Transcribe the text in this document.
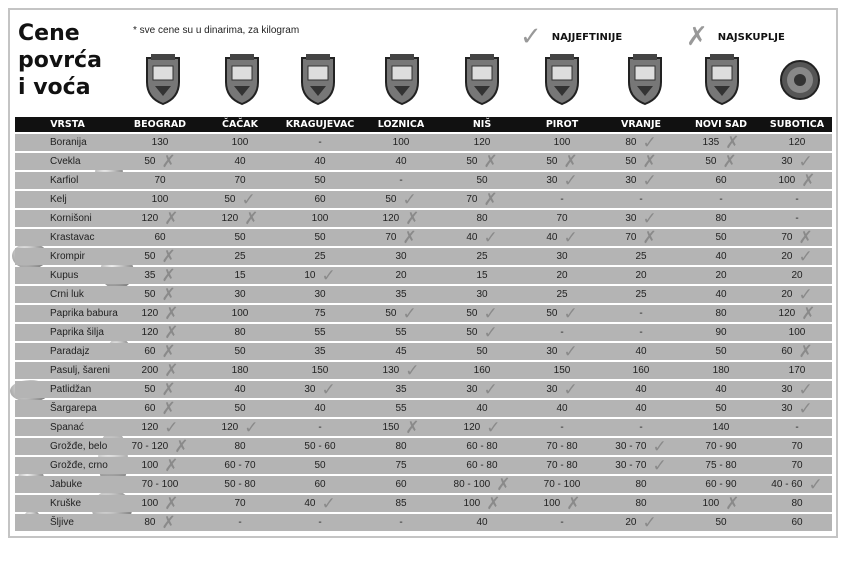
Cene
povrća
i voća
* sve cene su u dinarima, za kilogram	✓ NAJJEFTINIJE ✗ NAJSKUPLJE
VRSTA	BEOGRAD	ČAČAK	KRAGUJEVAC	LOZNICA	NIŠ	PIROT	VRANJE	NOVI SAD	SUBOTICA
Boranija	130	100	-	100	120	100	80 ✓	135 ✗	120
Cvekla	50 ✗	40	40	40	50 ✗	50 ✗	50 ✗	50 ✗	30 ✓
Karfiol	70	70	50	-	50	30 ✓	30 ✓	60	100 ✗
Kelj	100	50 ✓	60	50 ✓	70 ✗	-	-	-	-
Kornišoni	120 ✗	120 ✗	100	120 ✗	80	70	30 ✓	80	-
Krastavac	60	50	50	70 ✗	40 ✓	40 ✓	70 ✗	50	70 ✗
Krompir	50 ✗	25	25	30	25	30	25	40	20 ✓
Kupus	35 ✗	15	10 ✓	20	15	20	20	20	20
Crni luk	50 ✗	30	30	35	30	25	25	40	20 ✓
Paprika babura 120 ✗	100	75	50 ✓	50 ✓	50 ✓	-	80	120 ✗
Paprika šilja	120 ✗	80	55	55	50 ✓	-	-	90	100
Paradajz	60 ✗	50	35	45	50	30 ✓	40	50	60 ✗
Pasulj, šareni	200 ✗	180	150	130 ✓	160	150	160	180	170
Patlidžan	50 ✗	40	30 ✓	35	30 ✓	30 ✓	40	40	30 ✓
Šargarepa	60 ✗	50	40	55	40	40	40	50	30 ✓
Spanać	120 ✓	120 ✓	-	150 ✗	120 ✓	-	-	140	-
Grožđe, belo	70 - 120 ✗	80	50 - 60	80	60 - 80	70 - 80	30 - 70 ✓	70 - 90	70
Grožđe, crno	100 ✗	60 - 70	50	75	60 - 80	70 - 80	30 - 70 ✓	75 - 80	70
Jabuke	70 - 100	50 - 80	60	60	80 - 100 ✗	70 - 100	80	60 - 90	40 - 60 ✓
Kruške	100 ✗	70	40 ✓	85	100 ✗	100 ✗	80	100 ✗	80
Šljive	80 ✗	-	-	-	40	-	20 ✓	50	60
